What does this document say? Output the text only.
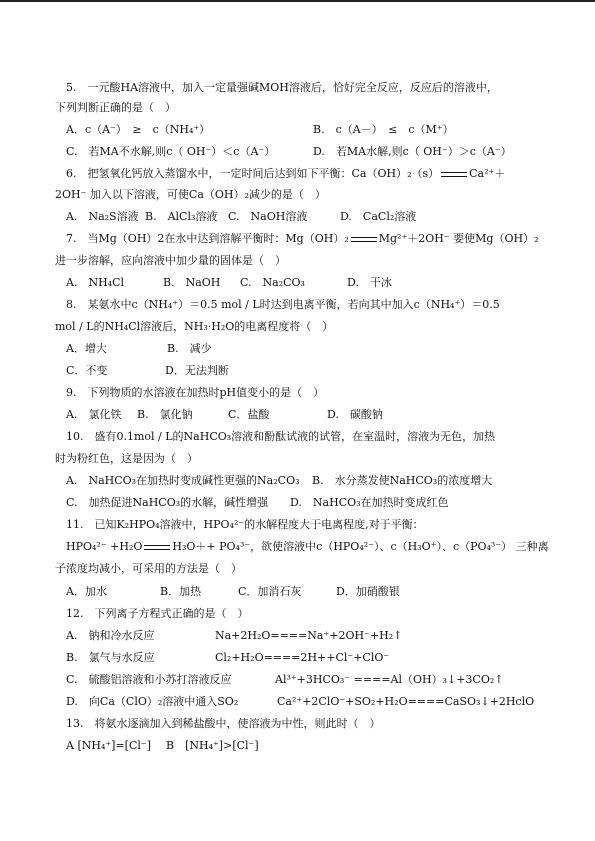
5.　一元酸HA溶液中，加入一定量强碱MOH溶液后，恰好完全反应，反应后的溶液中，
下列判断正确的是（　）
A．c（A⁻）　≥　c（NH₄⁺）	B.　c（A－）　≤　c（M⁺）
C.　若MA不水解,则c（ OH⁻）＜c（A⁻）	D.　若MA水解,则c（ OH⁻）＞c（A⁻）
6.　把氢氧化钙放入蒸馏水中，一定时间后达到如下平衡：Ca（OH）₂（s）	Ca²⁺＋
2OH⁻ 加入以下溶液，可使Ca（OH）₂减少的是（　）
A.　Na₂S溶液 B.　AlCl₃溶液 C.　NaOH溶液	D.　CaCl₂溶液
7.　当Mg（OH）2在水中达到溶解平衡时：Mg（OH）₂	Mg²⁺＋2OH⁻ 要使Mg（OH）₂
进一步溶解，应向溶液中加少量的固体是（　）
A.　NH₄Cl	B.　NaOH C.　Na₂CO₃	D.　干冰
8.　某氨水中c（NH₄⁺）＝0.5 mol / L时达到电离平衡，若向其中加入c（NH₄⁺）＝0.5
mol / L的NH₄Cl溶液后，NH₃·H₂O的电离程度将（　）
A．增大	B.　减少
C．不变	D．无法判断
9.　下列物质的水溶液在加热时pH值变小的是（　）
A.　氯化铁 B.　氯化钠	C．盐酸	D.　碳酸钠
10.　盛有0.1mol / L的NaHCO₃溶液和酚酞试液的试管，在室温时，溶液为无色，加热
时为粉红色，这是因为（　）
A.　NaHCO₃在加热时变成碱性更强的Na₂CO₃ B.　水分蒸发使NaHCO₃的浓度增大
C.　加热促进NaHCO₃的水解，碱性增强 D.　NaHCO₃在加热时变成红色
11.　已知K₂HPO₄溶液中，HPO₄²⁻的水解程度大于电离程度,对于平衡：
HPO₄²⁻ +H₂O	H₃O＋+ PO₄³⁻，欲使溶液中c（HPO₄²⁻）、c（H₃O⁺）、c（PO₄³⁻） 三种离
子浓度均减小，可采用的方法是（　）
A．加水	B．加热	C．加消石灰	D．加硝酸银
12.　下列离子方程式正确的是（　）
A.　钠和冷水反应	Na+2H₂O====Na⁺+2OH⁻+H₂↑
B.　氯气与水反应	Cl₂+H₂O====2H++Cl⁻+ClO⁻
C.　硫酸铝溶液和小苏打溶液反应	Al³⁺+3HCO₃⁻ ====Al（OH）₃↓+3CO₂↑
D.　向Ca（ClO）₂溶液中通入SO₂	Ca²⁺+2ClO⁻+SO₂+H₂O====CaSO₃↓+2HclO
13.　将氨水逐滴加入到稀盐酸中，使溶液为中性，则此时（　）
A [NH₄⁺]=[Cl⁻] B　[NH₄⁺]>[Cl⁻]
